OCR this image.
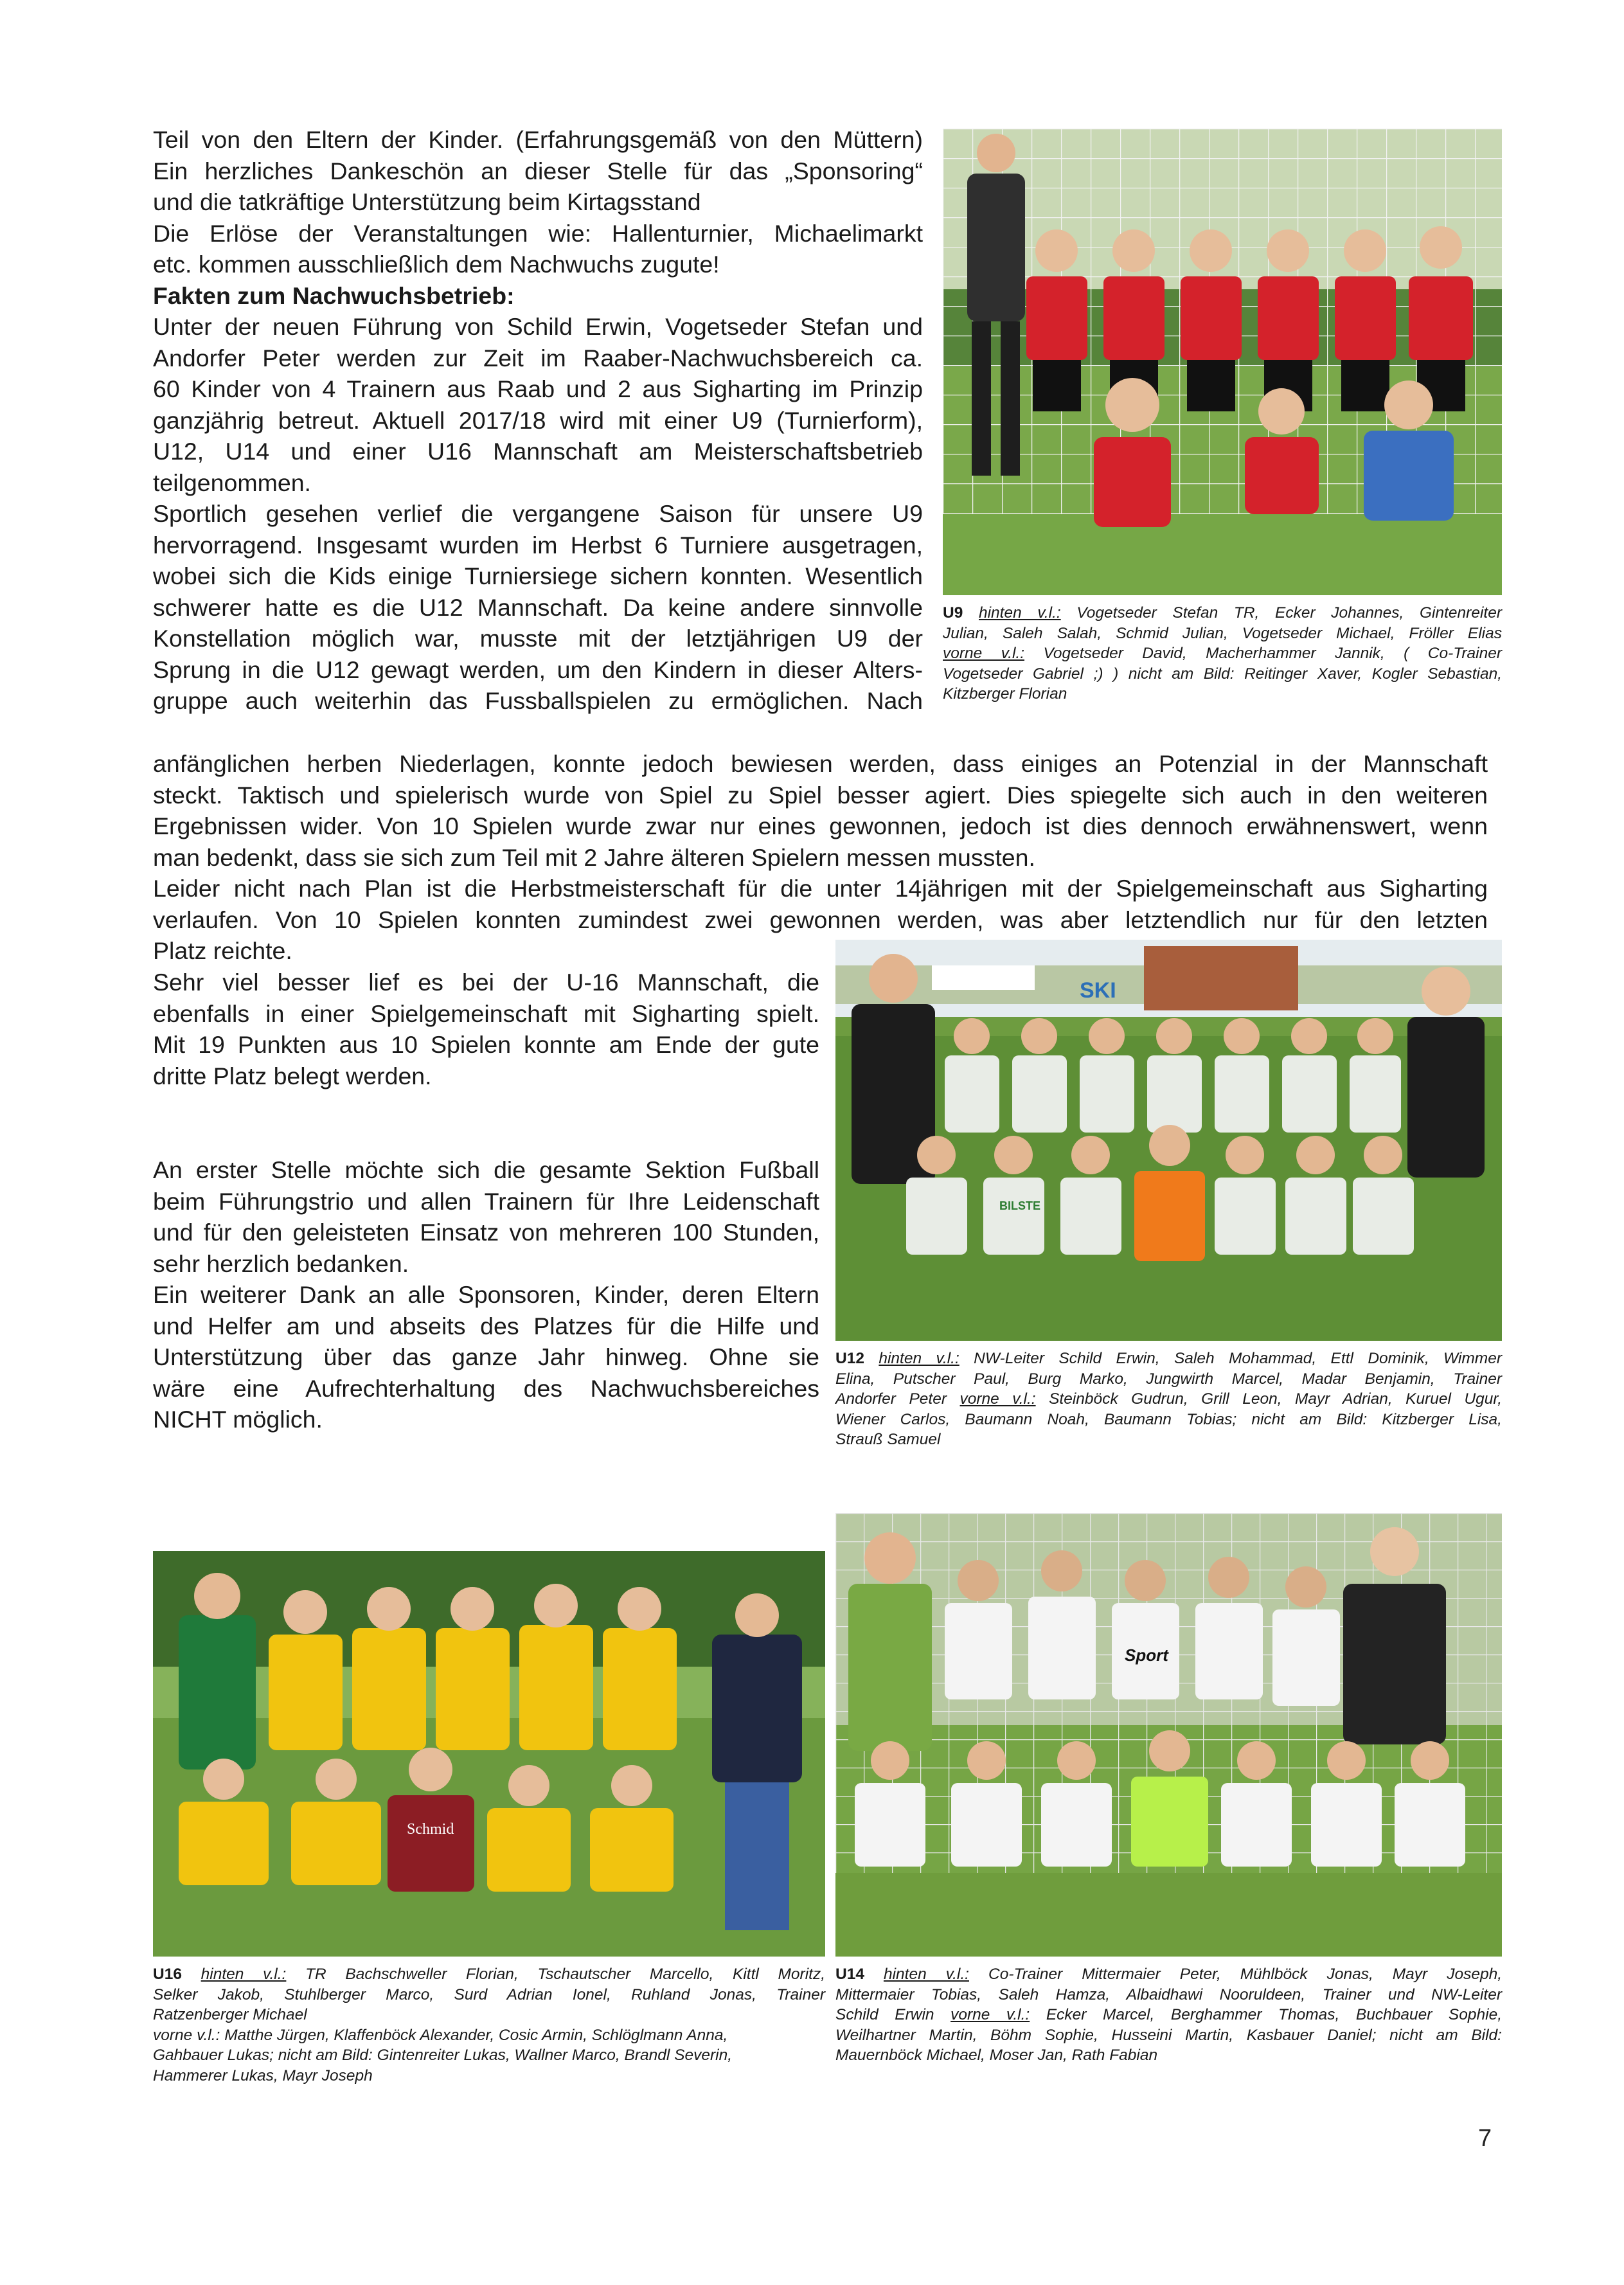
Teil von den Eltern der Kinder. (Erfahrungsgemäß von den Müttern)
Ein herzliches Dankeschön an dieser Stelle für das „Sponsoring“
und die tatkräftige Unterstützung beim Kirtagsstand
Die Erlöse der Veranstaltungen wie: Hallenturnier, Michaelimarkt
etc. kommen ausschließlich dem Nachwuchs zugute!
Fakten zum Nachwuchsbetrieb:
Unter der neuen Führung von Schild Erwin, Vogetseder Stefan und
Andorfer Peter werden zur Zeit im Raaber-Nachwuchsbereich ca.
60 Kinder von 4 Trainern aus Raab und 2 aus Sigharting im Prinzip
ganzjährig betreut. Aktuell 2017/18 wird mit einer U9 (Turnierform),
U12, U14 und einer U16 Mannschaft am Meisterschaftsbetrieb
teilgenommen.
Sportlich gesehen verlief die vergangene Saison für unsere U9
hervorragend. Insgesamt wurden im Herbst 6 Turniere ausgetragen,
wobei sich die Kids einige Turniersiege sichern konnten. Wesentlich
schwerer hatte es die U12 Mannschaft. Da keine andere sinnvolle
Konstellation möglich war, musste mit der letztjährigen U9 der
Sprung in die U12 gewagt werden, um den Kindern in dieser Alters-
gruppe auch weiterhin das Fussballspielen zu ermöglichen. Nach
anfänglichen herben Niederlagen, konnte jedoch bewiesen werden, dass einiges an Potenzial in der Mannschaft
steckt. Taktisch und spielerisch wurde von Spiel zu Spiel besser agiert. Dies spiegelte sich auch in den weiteren
Ergebnissen wider. Von 10 Spielen wurde zwar nur eines gewonnen, jedoch ist dies dennoch erwähnenswert, wenn
man bedenkt, dass sie sich zum Teil mit 2 Jahre älteren Spielern messen mussten.
Leider nicht nach Plan ist die Herbstmeisterschaft für die unter 14jährigen mit der Spielgemeinschaft aus Sigharting
verlaufen. Von 10 Spielen konnten zumindest zwei gewonnen werden, was aber letztendlich nur für den letzten
Platz reichte.
Sehr viel besser lief es bei der U-16 Mannschaft, die
ebenfalls in einer Spielgemeinschaft mit Sigharting spielt.
Mit 19 Punkten aus 10 Spielen konnte am Ende der gute
dritte Platz belegt werden.
An erster Stelle möchte sich die gesamte Sektion Fußball
beim Führungstrio und allen Trainern für Ihre Leidenschaft
und für den geleisteten Einsatz von mehreren 100 Stunden,
sehr herzlich bedanken.
Ein weiterer Dank an alle Sponsoren, Kinder, deren Eltern
und Helfer am und abseits des Platzes für die Hilfe und
Unterstützung über das ganze Jahr hinweg. Ohne sie
wäre eine Aufrechterhaltung des Nachwuchsbereiches
NICHT möglich.
U9 hinten v.l.: Vogetseder Stefan TR, Ecker Johannes, Gintenreiter
Julian, Saleh Salah, Schmid Julian, Vogetseder Michael, Fröller Elias
vorne v.l.: Vogetseder David, Macherhammer Jannik, ( Co-Trainer
Vogetseder Gabriel ;) ) nicht am Bild: Reitinger Xaver, Kogler Sebastian,
Kitzberger Florian
SKI
BILSTE
U12 hinten v.l.: NW-Leiter Schild Erwin, Saleh Mohammad, Ettl Dominik, Wimmer
Elina, Putscher Paul, Burg Marko, Jungwirth Marcel, Madar Benjamin, Trainer
Andorfer Peter vorne v.l.: Steinböck Gudrun, Grill Leon, Mayr Adrian, Kuruel Ugur,
Wiener Carlos, Baumann Noah, Baumann Tobias; nicht am Bild: Kitzberger Lisa,
Strauß Samuel
Schmid
U16 hinten v.l.: TR Bachschweller Florian, Tschautscher Marcello, Kittl Moritz,
Selker Jakob, Stuhlberger Marco, Surd Adrian Ionel, Ruhland Jonas, Trainer
Ratzenberger Michael
vorne v.l.: Matthe Jürgen, Klaffenböck Alexander, Cosic Armin, Schlöglmann Anna,
Gahbauer Lukas; nicht am Bild: Gintenreiter Lukas, Wallner Marco, Brandl Severin,
Hammerer Lukas, Mayr Joseph
Sport
U14 hinten v.l.: Co-Trainer Mittermaier Peter, Mühlböck Jonas, Mayr Joseph,
Mittermaier Tobias, Saleh Hamza, Albaidhawi Nooruldeen, Trainer und NW-Leiter
Schild Erwin vorne v.l.: Ecker Marcel, Berghammer Thomas, Buchbauer Sophie,
Weilhartner Martin, Böhm Sophie, Husseini Martin, Kasbauer Daniel; nicht am Bild:
Mauernböck Michael, Moser Jan, Rath Fabian
7
